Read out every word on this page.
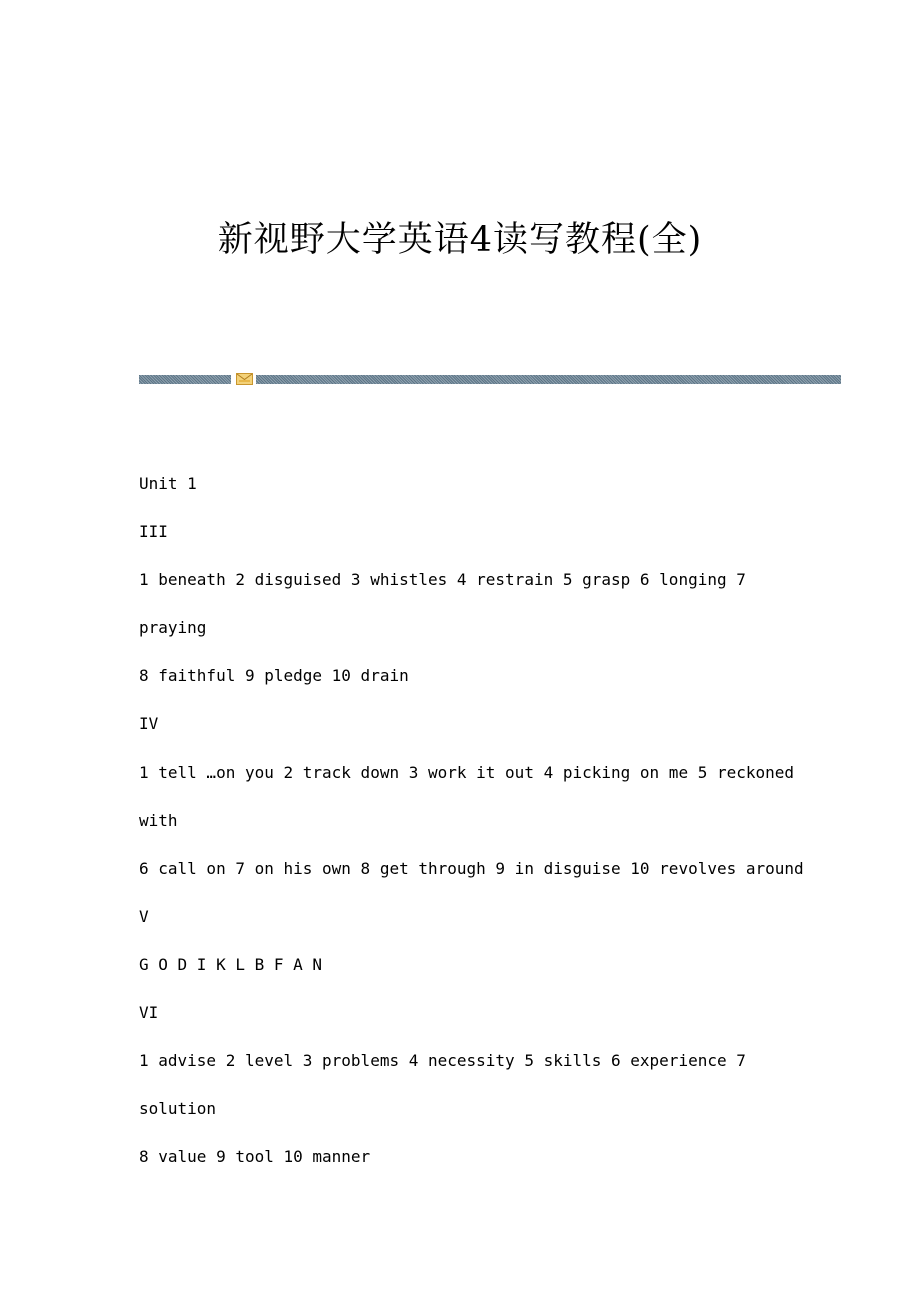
新视野大学英语4读写教程(全)
Unit 1
III
1 beneath 2 disguised 3 whistles 4 restrain 5 grasp 6 longing 7
praying
8 faithful 9 pledge 10 drain
IV
1 tell …on you 2 track down 3 work it out 4 picking on me 5 reckoned
with
6 call on 7 on his own 8 get through 9 in disguise 10 revolves around
V
G O D I K L B F A N
VI
1 advise 2 level 3 problems 4 necessity 5 skills 6 experience 7
solution
8 value 9 tool 10 manner
